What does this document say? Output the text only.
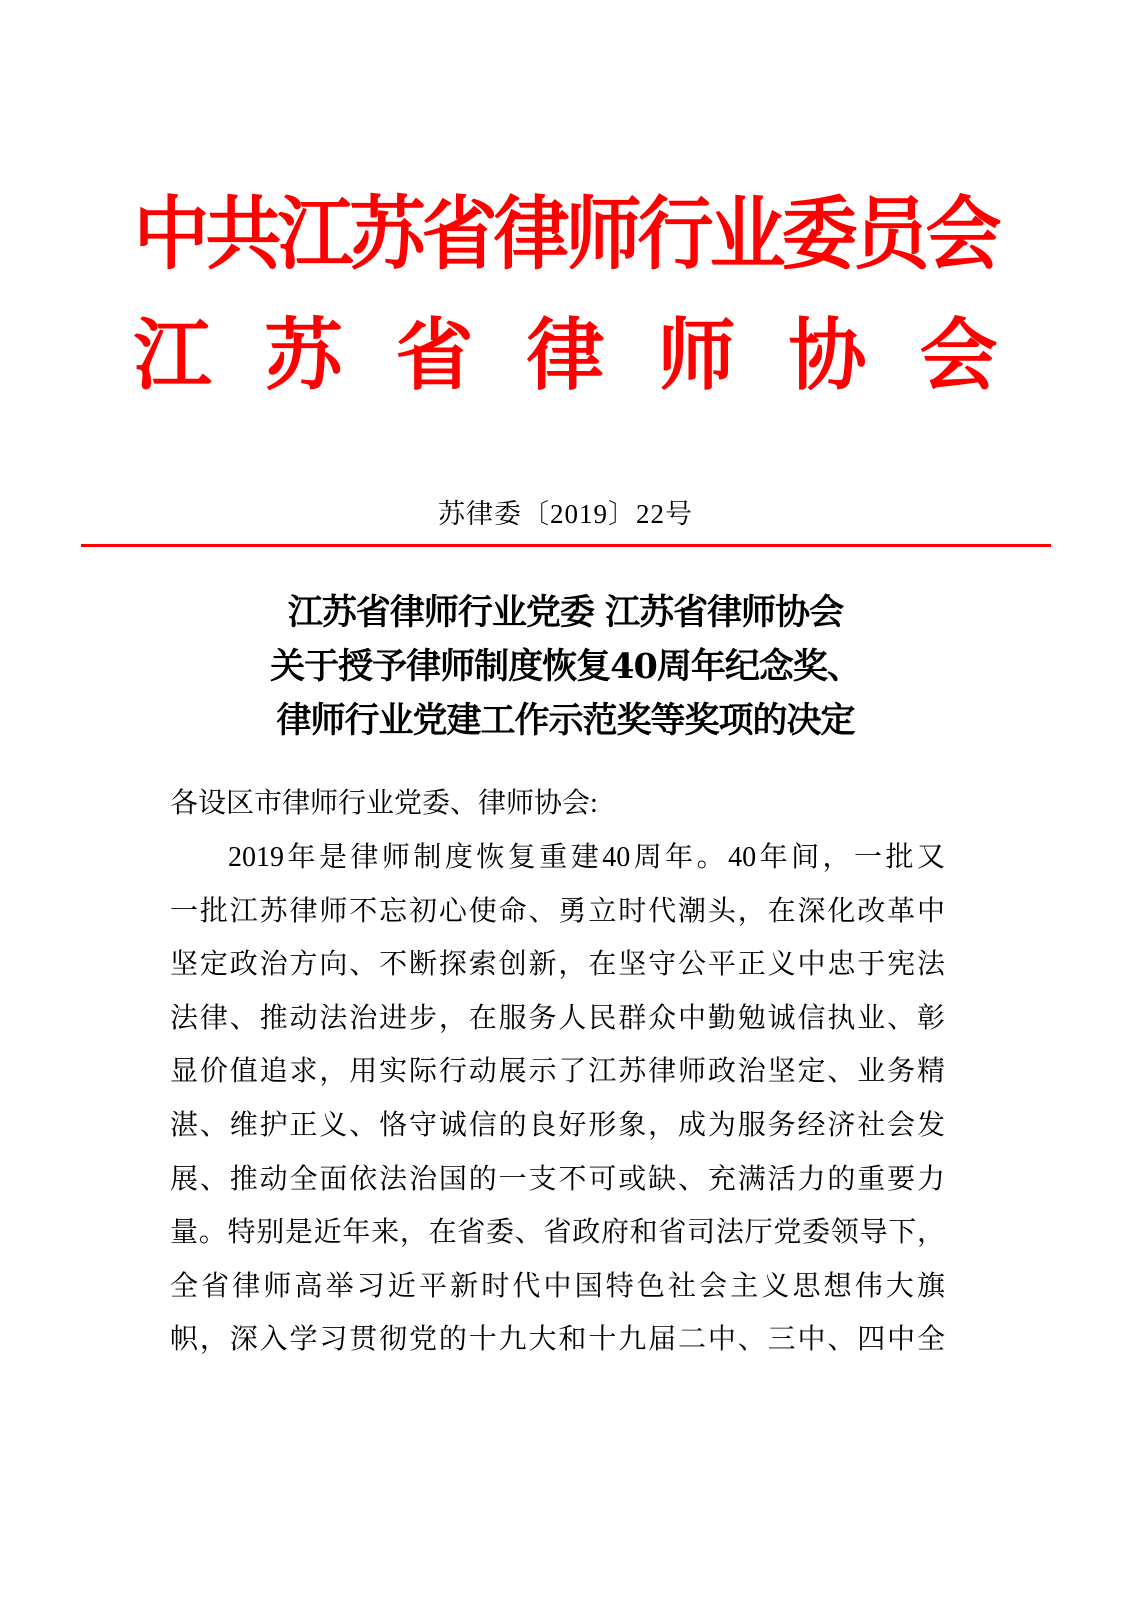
中共江苏省律师行业委员会
江苏省律师协会
苏律委〔2019〕22号
江苏省律师行业党委 江苏省律师协会
关于授予律师制度恢复40周年纪念奖、
律师行业党建工作示范奖等奖项的决定
各设区市律师行业党委、律师协会:
2019年是律师制度恢复重建40周年。40年间，一批又
一批江苏律师不忘初心使命、勇立时代潮头，在深化改革中
坚定政治方向、不断探索创新，在坚守公平正义中忠于宪法
法律、推动法治进步，在服务人民群众中勤勉诚信执业、彰
显价值追求，用实际行动展示了江苏律师政治坚定、业务精
湛、维护正义、恪守诚信的良好形象，成为服务经济社会发
展、推动全面依法治国的一支不可或缺、充满活力的重要力
量。特别是近年来，在省委、省政府和省司法厅党委领导下，
全省律师高举习近平新时代中国特色社会主义思想伟大旗
帜，深入学习贯彻党的十九大和十九届二中、三中、四中全
